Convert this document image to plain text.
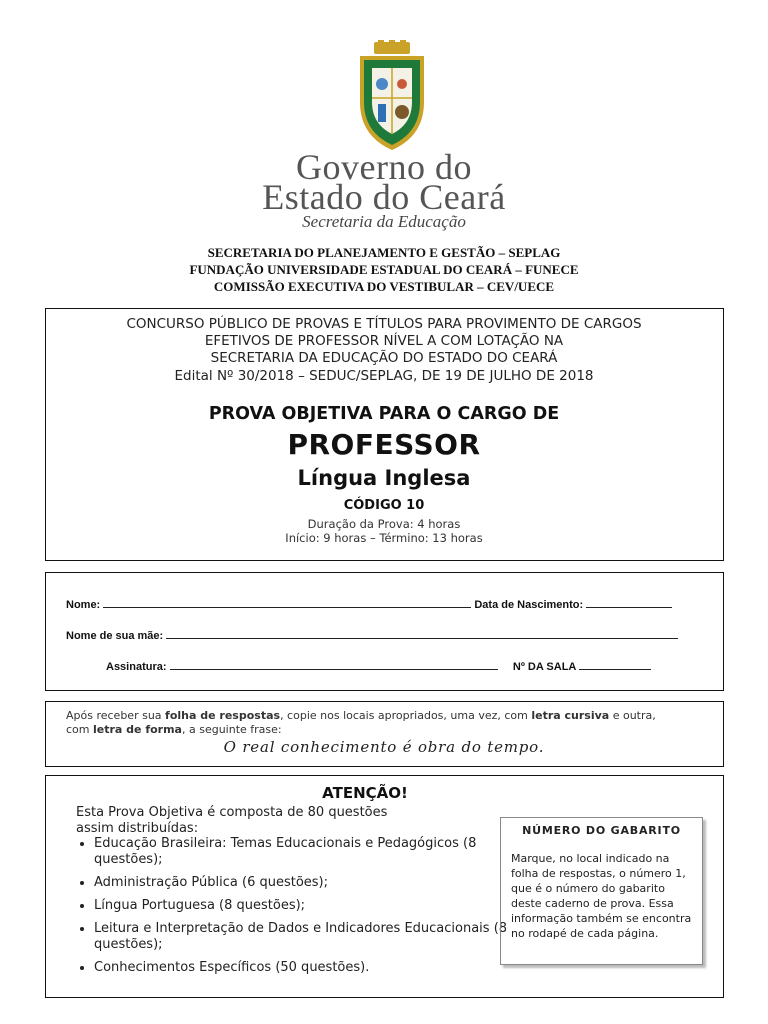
Governo do
Estado do Ceará
Secretaria da Educação
SECRETARIA DO PLANEJAMENTO E GESTÃO – SEPLAG
FUNDAÇÃO UNIVERSIDADE ESTADUAL DO CEARÁ – FUNECE
COMISSÃO EXECUTIVA DO VESTIBULAR – CEV/UECE
CONCURSO PÚBLICO DE PROVAS E TÍTULOS PARA PROVIMENTO DE CARGOS
EFETIVOS DE PROFESSOR NÍVEL A COM LOTAÇÃO NA
SECRETARIA DA EDUCAÇÃO DO ESTADO DO CEARÁ
Edital Nº 30/2018 – SEDUC/SEPLAG, DE 19 DE JULHO DE 2018
PROVA OBJETIVA PARA O CARGO DE
PROFESSOR
Língua Inglesa
CÓDIGO 10
Duração da Prova: 4 horas
Início: 9 horas – Término: 13 horas
Nome:	Data de Nascimento:
Nome de sua mãe:
Assinatura:	Nº DA SALA
Após receber sua folha de respostas, copie nos locais apropriados, uma vez, com letra cursiva e outra,
com letra de forma, a seguinte frase:
O real conhecimento é obra do tempo.
ATENÇÃO!
Esta Prova Objetiva é composta de 80 questões
assim distribuídas:
• Educação Brasileira: Temas Educacionais e Pedagógicos (8 questões);
• Administração Pública (6 questões);
• Língua Portuguesa (8 questões);
• Leitura e Interpretação de Dados e Indicadores Educacionais (8 questões);
• Conhecimentos Específicos (50 questões).
NÚMERO DO GABARITO
Marque, no local indicado na folha de respostas, o número 1, que é o número do gabarito deste caderno de prova. Essa informação também se encontra no rodapé de cada página.
